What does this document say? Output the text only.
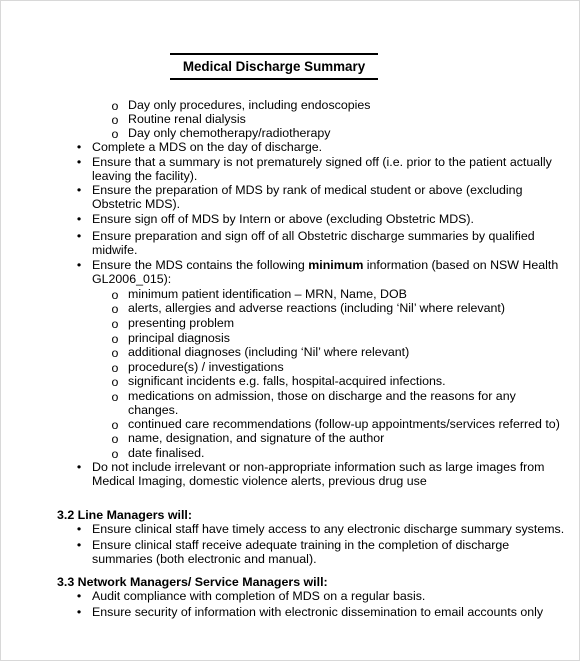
Medical Discharge Summary
o Day only procedures, including endoscopies
o Routine renal dialysis
o Day only chemotherapy/radiotherapy
• Complete a MDS on the day of discharge.
• Ensure that a summary is not prematurely signed off (i.e. prior to the patient actually
leaving the facility).
• Ensure the preparation of MDS by rank of medical student or above (excluding
Obstetric MDS).
• Ensure sign off of MDS by Intern or above (excluding Obstetric MDS).
• Ensure preparation and sign off of all Obstetric discharge summaries by qualified
midwife.
• Ensure the MDS contains the following minimum information (based on NSW Health
GL2006_015):
o minimum patient identification – MRN, Name, DOB
o alerts, allergies and adverse reactions (including ‘Nil’ where relevant)
o presenting problem
o principal diagnosis
o additional diagnoses (including ‘Nil’ where relevant)
o procedure(s) / investigations
o significant incidents e.g. falls, hospital-acquired infections.
o medications on admission, those on discharge and the reasons for any
changes.
o continued care recommendations (follow-up appointments/services referred to)
o name, designation, and signature of the author
o date finalised.
• Do not include irrelevant or non-appropriate information such as large images from
Medical Imaging, domestic violence alerts, previous drug use
3.2 Line Managers will:
• Ensure clinical staff have timely access to any electronic discharge summary systems.
• Ensure clinical staff receive adequate training in the completion of discharge
summaries (both electronic and manual).
3.3 Network Managers/ Service Managers will:
• Audit compliance with completion of MDS on a regular basis.
• Ensure security of information with electronic dissemination to email accounts only
